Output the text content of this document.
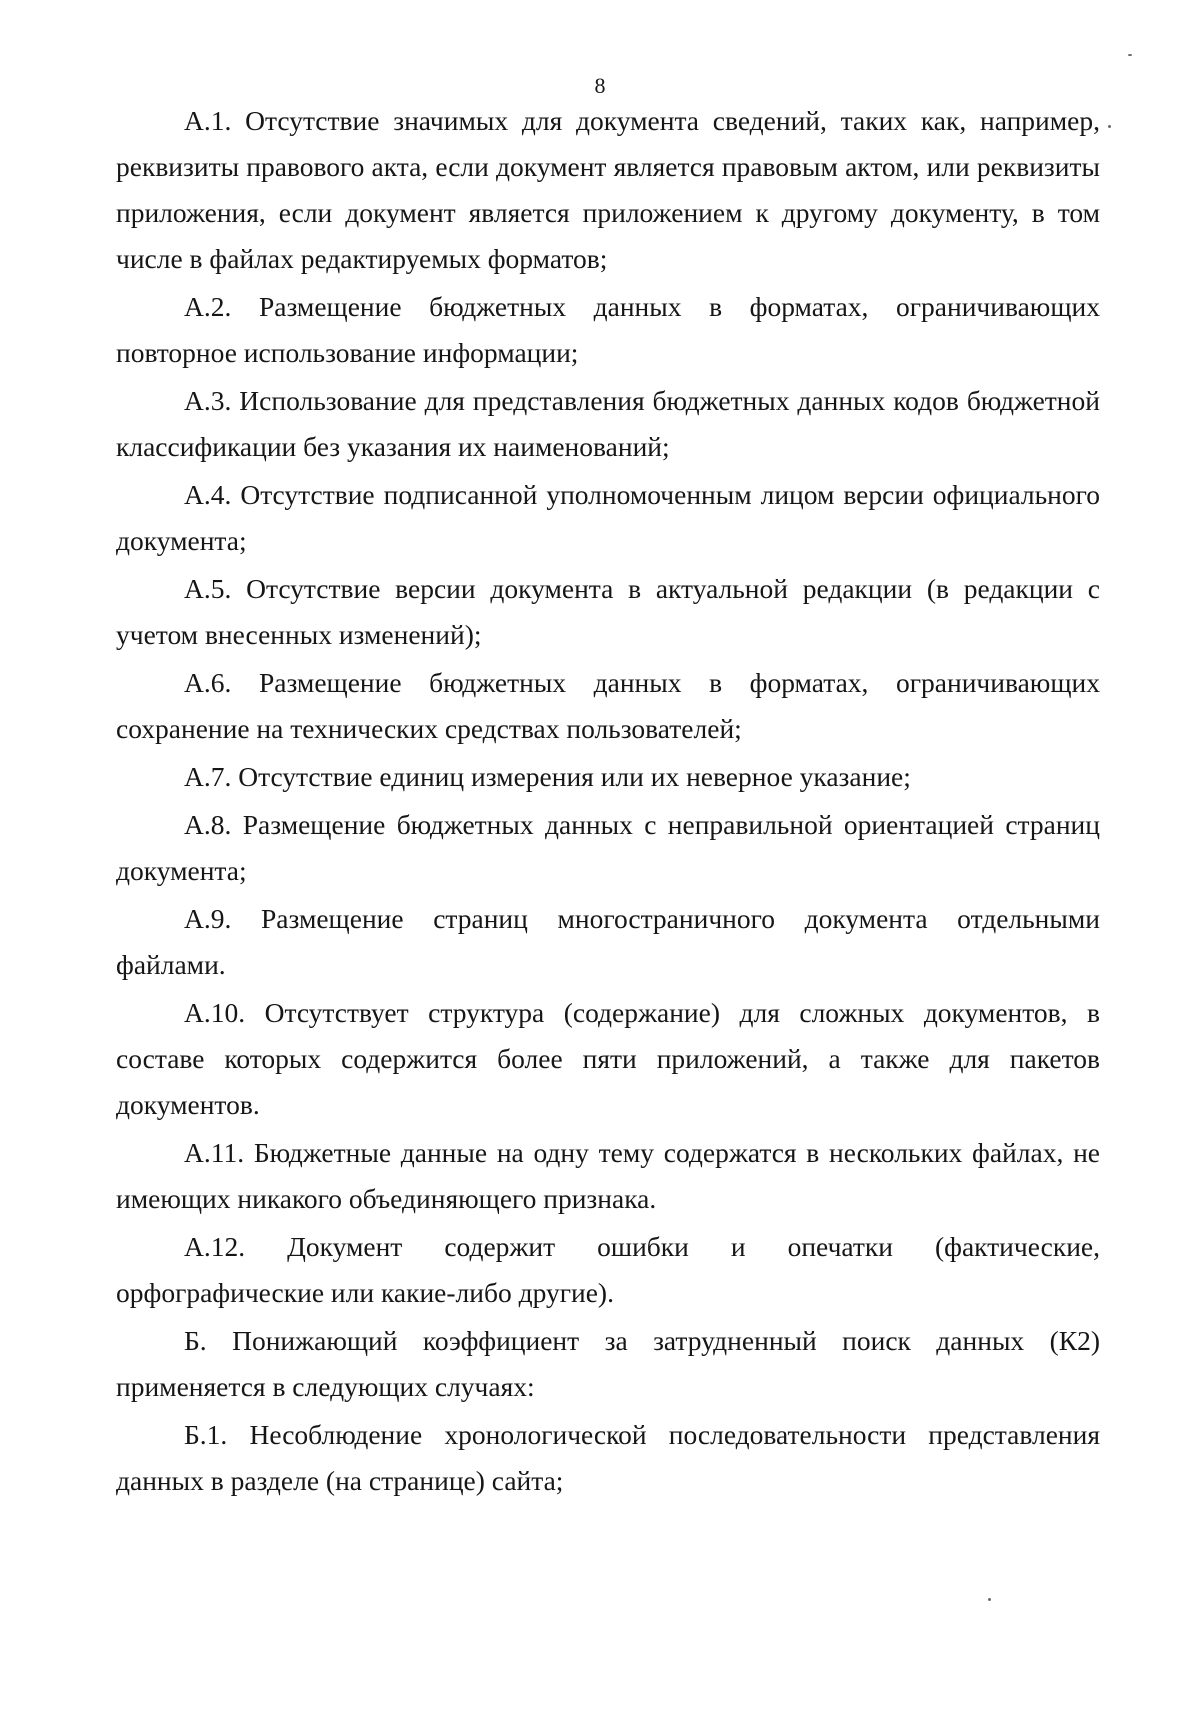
8

А.1. Отсутствие значимых для документа сведений, таких как, например, реквизиты правового акта, если документ является правовым актом, или реквизиты приложения, если документ является приложением к другому документу, в том числе в файлах редактируемых форматов;

А.2. Размещение бюджетных данных в форматах, ограничивающих повторное использование информации;

А.3. Использование для представления бюджетных данных кодов бюджетной классификации без указания их наименований;

А.4. Отсутствие подписанной уполномоченным лицом версии официального документа;

А.5. Отсутствие версии документа в актуальной редакции (в редакции с учетом внесенных изменений);

А.6. Размещение бюджетных данных в форматах, ограничивающих сохранение на технических средствах пользователей;

А.7. Отсутствие единиц измерения или их неверное указание;

А.8. Размещение бюджетных данных с неправильной ориентацией страниц документа;

А.9. Размещение страниц многостраничного документа отдельными файлами.

А.10. Отсутствует структура (содержание) для сложных документов, в составе которых содержится более пяти приложений, а также для пакетов документов.

А.11. Бюджетные данные на одну тему содержатся в нескольких файлах, не имеющих никакого объединяющего признака.

А.12. Документ содержит ошибки и опечатки (фактические, орфографические или какие-либо другие).

Б. Понижающий коэффициент за затрудненный поиск данных (К2) применяется в следующих случаях:

Б.1. Несоблюдение хронологической последовательности представления данных в разделе (на странице) сайта;
